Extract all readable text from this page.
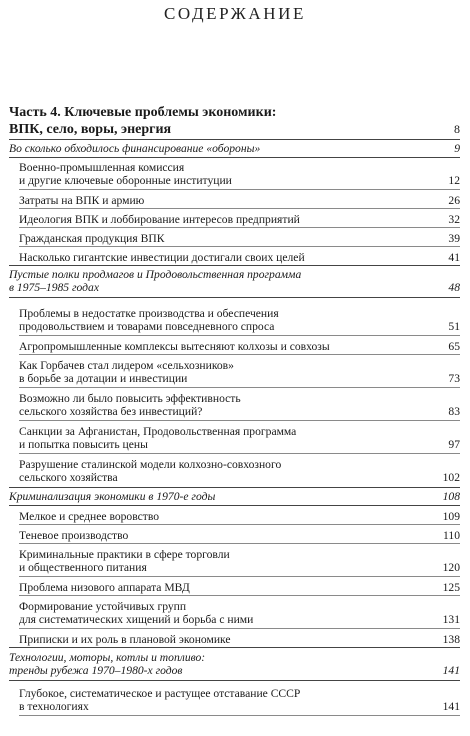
СОДЕРЖАНИЕ
Часть 4. Ключевые проблемы экономики:
ВПК, село, воры, энергия	8
Во сколько обходилось финансирование «обороны»	9
Военно-промышленная комиссия
и другие ключевые оборонные институции	12
Затраты на ВПК и армию	26
Идеология ВПК и лоббирование интересов предприятий	32
Гражданская продукция ВПК	39
Насколько гигантские инвестиции достигали своих целей	41
Пустые полки продмагов и Продовольственная программа
в 1975–1985 годах	48
Проблемы в недостатке производства и обеспечения
продовольствием и товарами повседневного спроса	51
Агропромышленные комплексы вытесняют колхозы и совхозы	65
Как Горбачев стал лидером «сельхозников»
в борьбе за дотации и инвестиции	73
Возможно ли было повысить эффективность
сельского хозяйства без инвестиций?	83
Санкции за Афганистан, Продовольственная программа
и попытка повысить цены	97
Разрушение сталинской модели колхозно-совхозного
сельского хозяйства	102
Криминализация экономики в 1970-е годы	108
Мелкое и среднее воровство	109
Теневое производство	110
Криминальные практики в сфере торговли
и общественного питания	120
Проблема низового аппарата МВД	125
Формирование устойчивых групп
для систематических хищений и борьба с ними	131
Приписки и их роль в плановой экономике	138
Технологии, моторы, котлы и топливо:
тренды рубежа 1970–1980-х годов	141
Глубокое, систематическое и растущее отставание СССР
в технологиях	141
